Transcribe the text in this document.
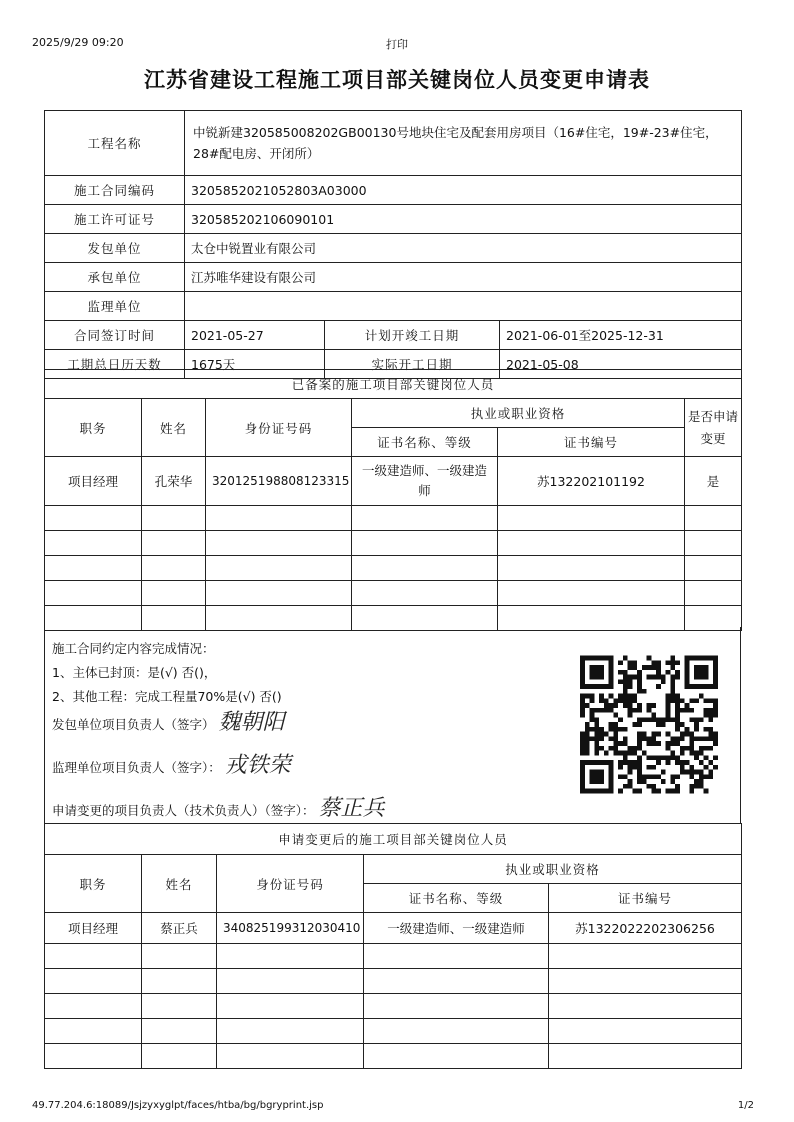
2025/9/29 09:20	打印
江苏省建设工程施工项目部关键岗位人员变更申请表
工程名称	中锐新建320585008202GB00130号地块住宅及配套用房项目（16#住宅，19#-23#住宅，28#配电房、开闭所）		
施工合同编码	3205852021052803A03000		
施工许可证号	320585202106090101		
发包单位	太仓中锐置业有限公司		
承包单位	江苏唯华建设有限公司		
监理单位			
合同签订时间	2021-05-27	计划开竣工日期	2021-06-01至2025-12-31
工期总日历天数	1675天	实际开工日期	2021-05-08
已备案的施工项目部关键岗位人员					
职务	姓名	身份证号码	执业或职业资格		是否申请变更
			证书名称、等级	证书编号	
项目经理	孔荣华	320125198808123315	一级建造师、一级建造师	苏132202101192	是

施工合同约定内容完成情况：

1、主体已封顶：是(√) 否()，

2、其他工程：完成工程量70%是(√) 否()

发包单位项目负责人（签字） 魏朝阳

监理单位项目负责人（签字）： 戎铁荣

申请变更的项目负责人（技术负责人）（签字）： 蔡正兵

申请变更后的施工项目部关键岗位人员				
职务	姓名	身份证号码	执业或职业资格	
			证书名称、等级	证书编号
项目经理	蔡正兵	340825199312030410	一级建造师、一级建造师	苏1322022202306256

49.77.204.6:18089/Jsjzyxyglpt/faces/htba/bg/bgryprint.jsp	1/2
